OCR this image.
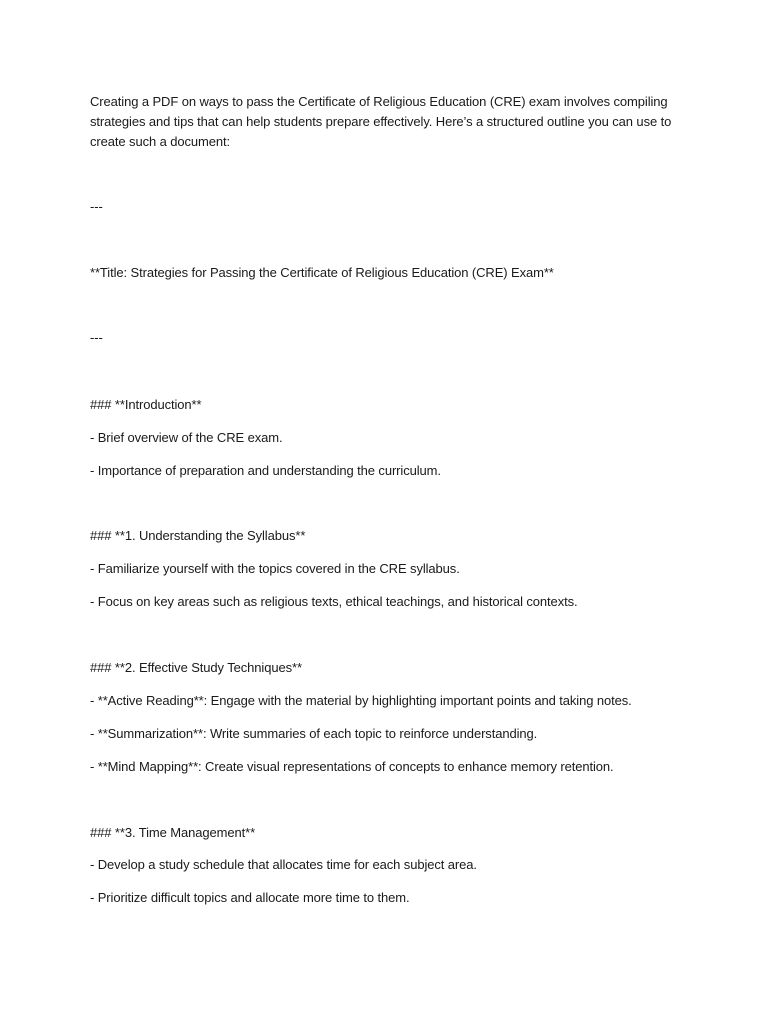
Creating a PDF on ways to pass the Certificate of Religious Education (CRE) exam involves compiling
strategies and tips that can help students prepare effectively. Here’s a structured outline you can use to
create such a document:
---
**Title: Strategies for Passing the Certificate of Religious Education (CRE) Exam**
---
### **Introduction**
- Brief overview of the CRE exam.
- Importance of preparation and understanding the curriculum.
### **1. Understanding the Syllabus**
- Familiarize yourself with the topics covered in the CRE syllabus.
- Focus on key areas such as religious texts, ethical teachings, and historical contexts.
### **2. Effective Study Techniques**
- **Active Reading**: Engage with the material by highlighting important points and taking notes.
- **Summarization**: Write summaries of each topic to reinforce understanding.
- **Mind Mapping**: Create visual representations of concepts to enhance memory retention.
### **3. Time Management**
- Develop a study schedule that allocates time for each subject area.
- Prioritize difficult topics and allocate more time to them.
